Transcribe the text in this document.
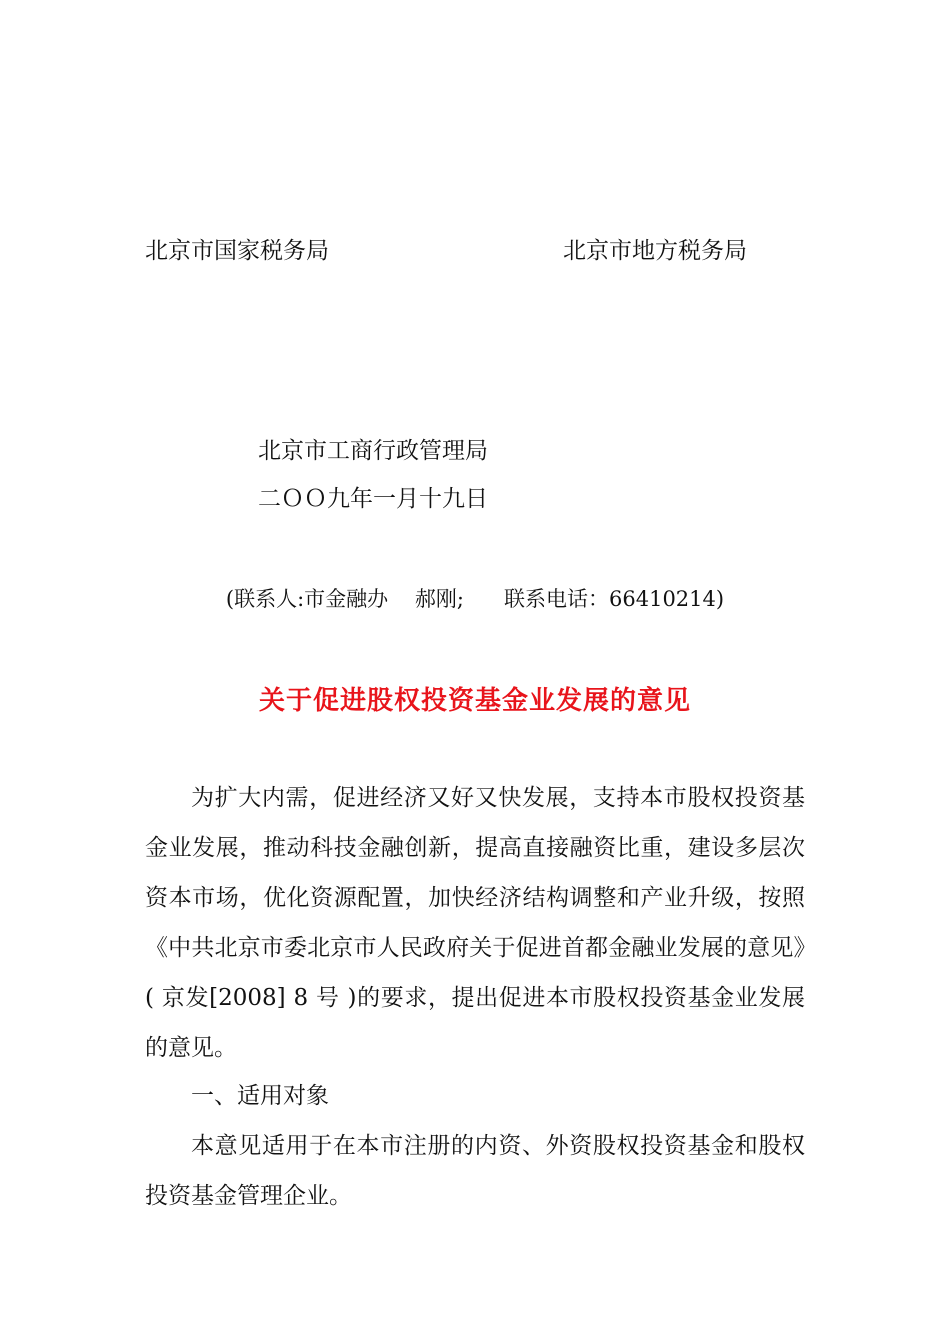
北京市国家税务局	北京市地方税务局
北京市工商行政管理局
二ＯＯ九年一月十九日
(联系人:市金融办    郝刚;      联系电话：66410214)
关于促进股权投资基金业发展的意见

为扩大内需，促进经济又好又快发展，支持本市股权投资基金业发展，推动科技金融创新，提高直接融资比重，建设多层次资本市场，优化资源配置，加快经济结构调整和产业升级，按照《中共北京市委北京市人民政府关于促进首都金融业发展的意见》( 京发[2008] 8 号 )的要求，提出促进本市股权投资基金业发展的意见。

一、适用对象

本意见适用于在本市注册的内资、外资股权投资基金和股权投资基金管理企业。
